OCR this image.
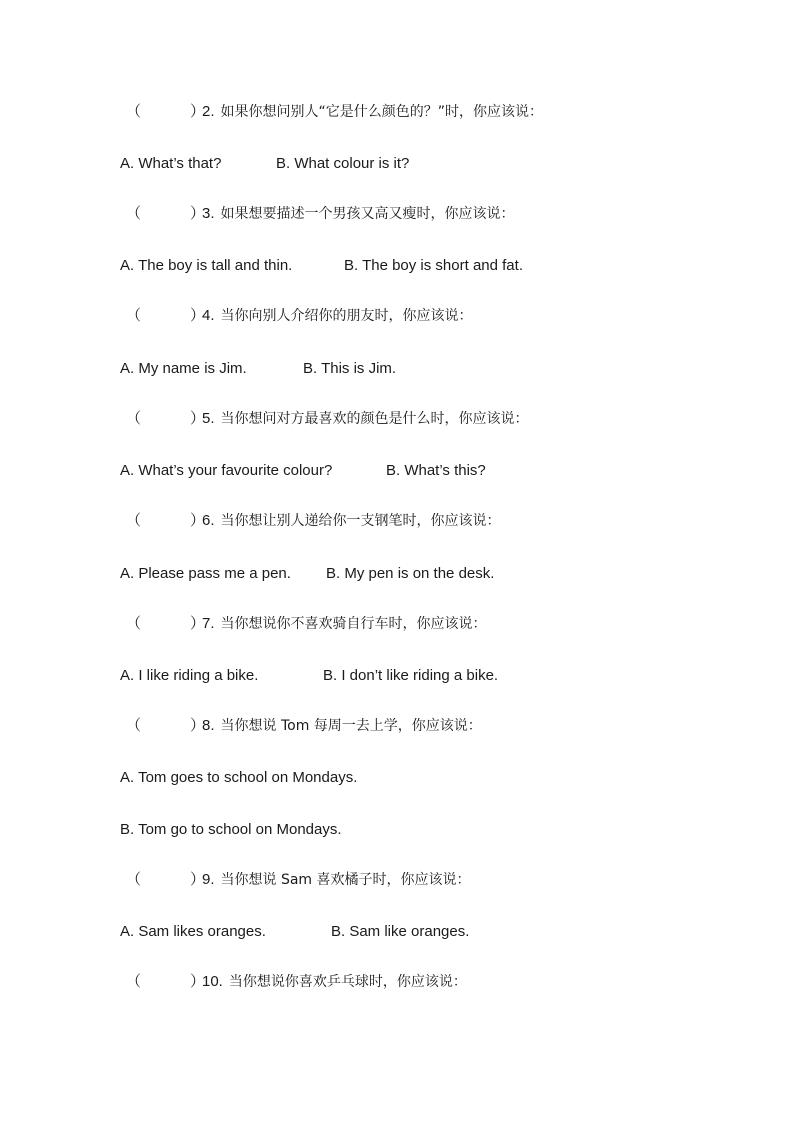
（	）2. 如果你想问别人“它是什么颜色的？”时，你应该说：
A. What’s that?	B. What colour is it?
（	）3. 如果想要描述一个男孩又高又瘦时，你应该说：
A. The boy is tall and thin.	B. The boy is short and fat.
（	）4. 当你向别人介绍你的朋友时，你应该说：
A. My name is Jim.	B. This is Jim.
（	）5. 当你想问对方最喜欢的颜色是什么时，你应该说：
A. What’s your favourite colour?	B. What’s this?
（	）6. 当你想让别人递给你一支钢笔时，你应该说：
A. Please pass me a pen. B. My pen is on the desk.
（	）7. 当你想说你不喜欢骑自行车时，你应该说：
A. I like riding a bike.	B. I don’t like riding a bike.
（	）8. 当你想说 Tom 每周一去上学，你应该说：
A. Tom goes to school on Mondays.
B. Tom go to school on Mondays.
（	）9. 当你想说 Sam 喜欢橘子时，你应该说：
A. Sam likes oranges.	B. Sam like oranges.
（	）10. 当你想说你喜欢乒乓球时，你应该说：
